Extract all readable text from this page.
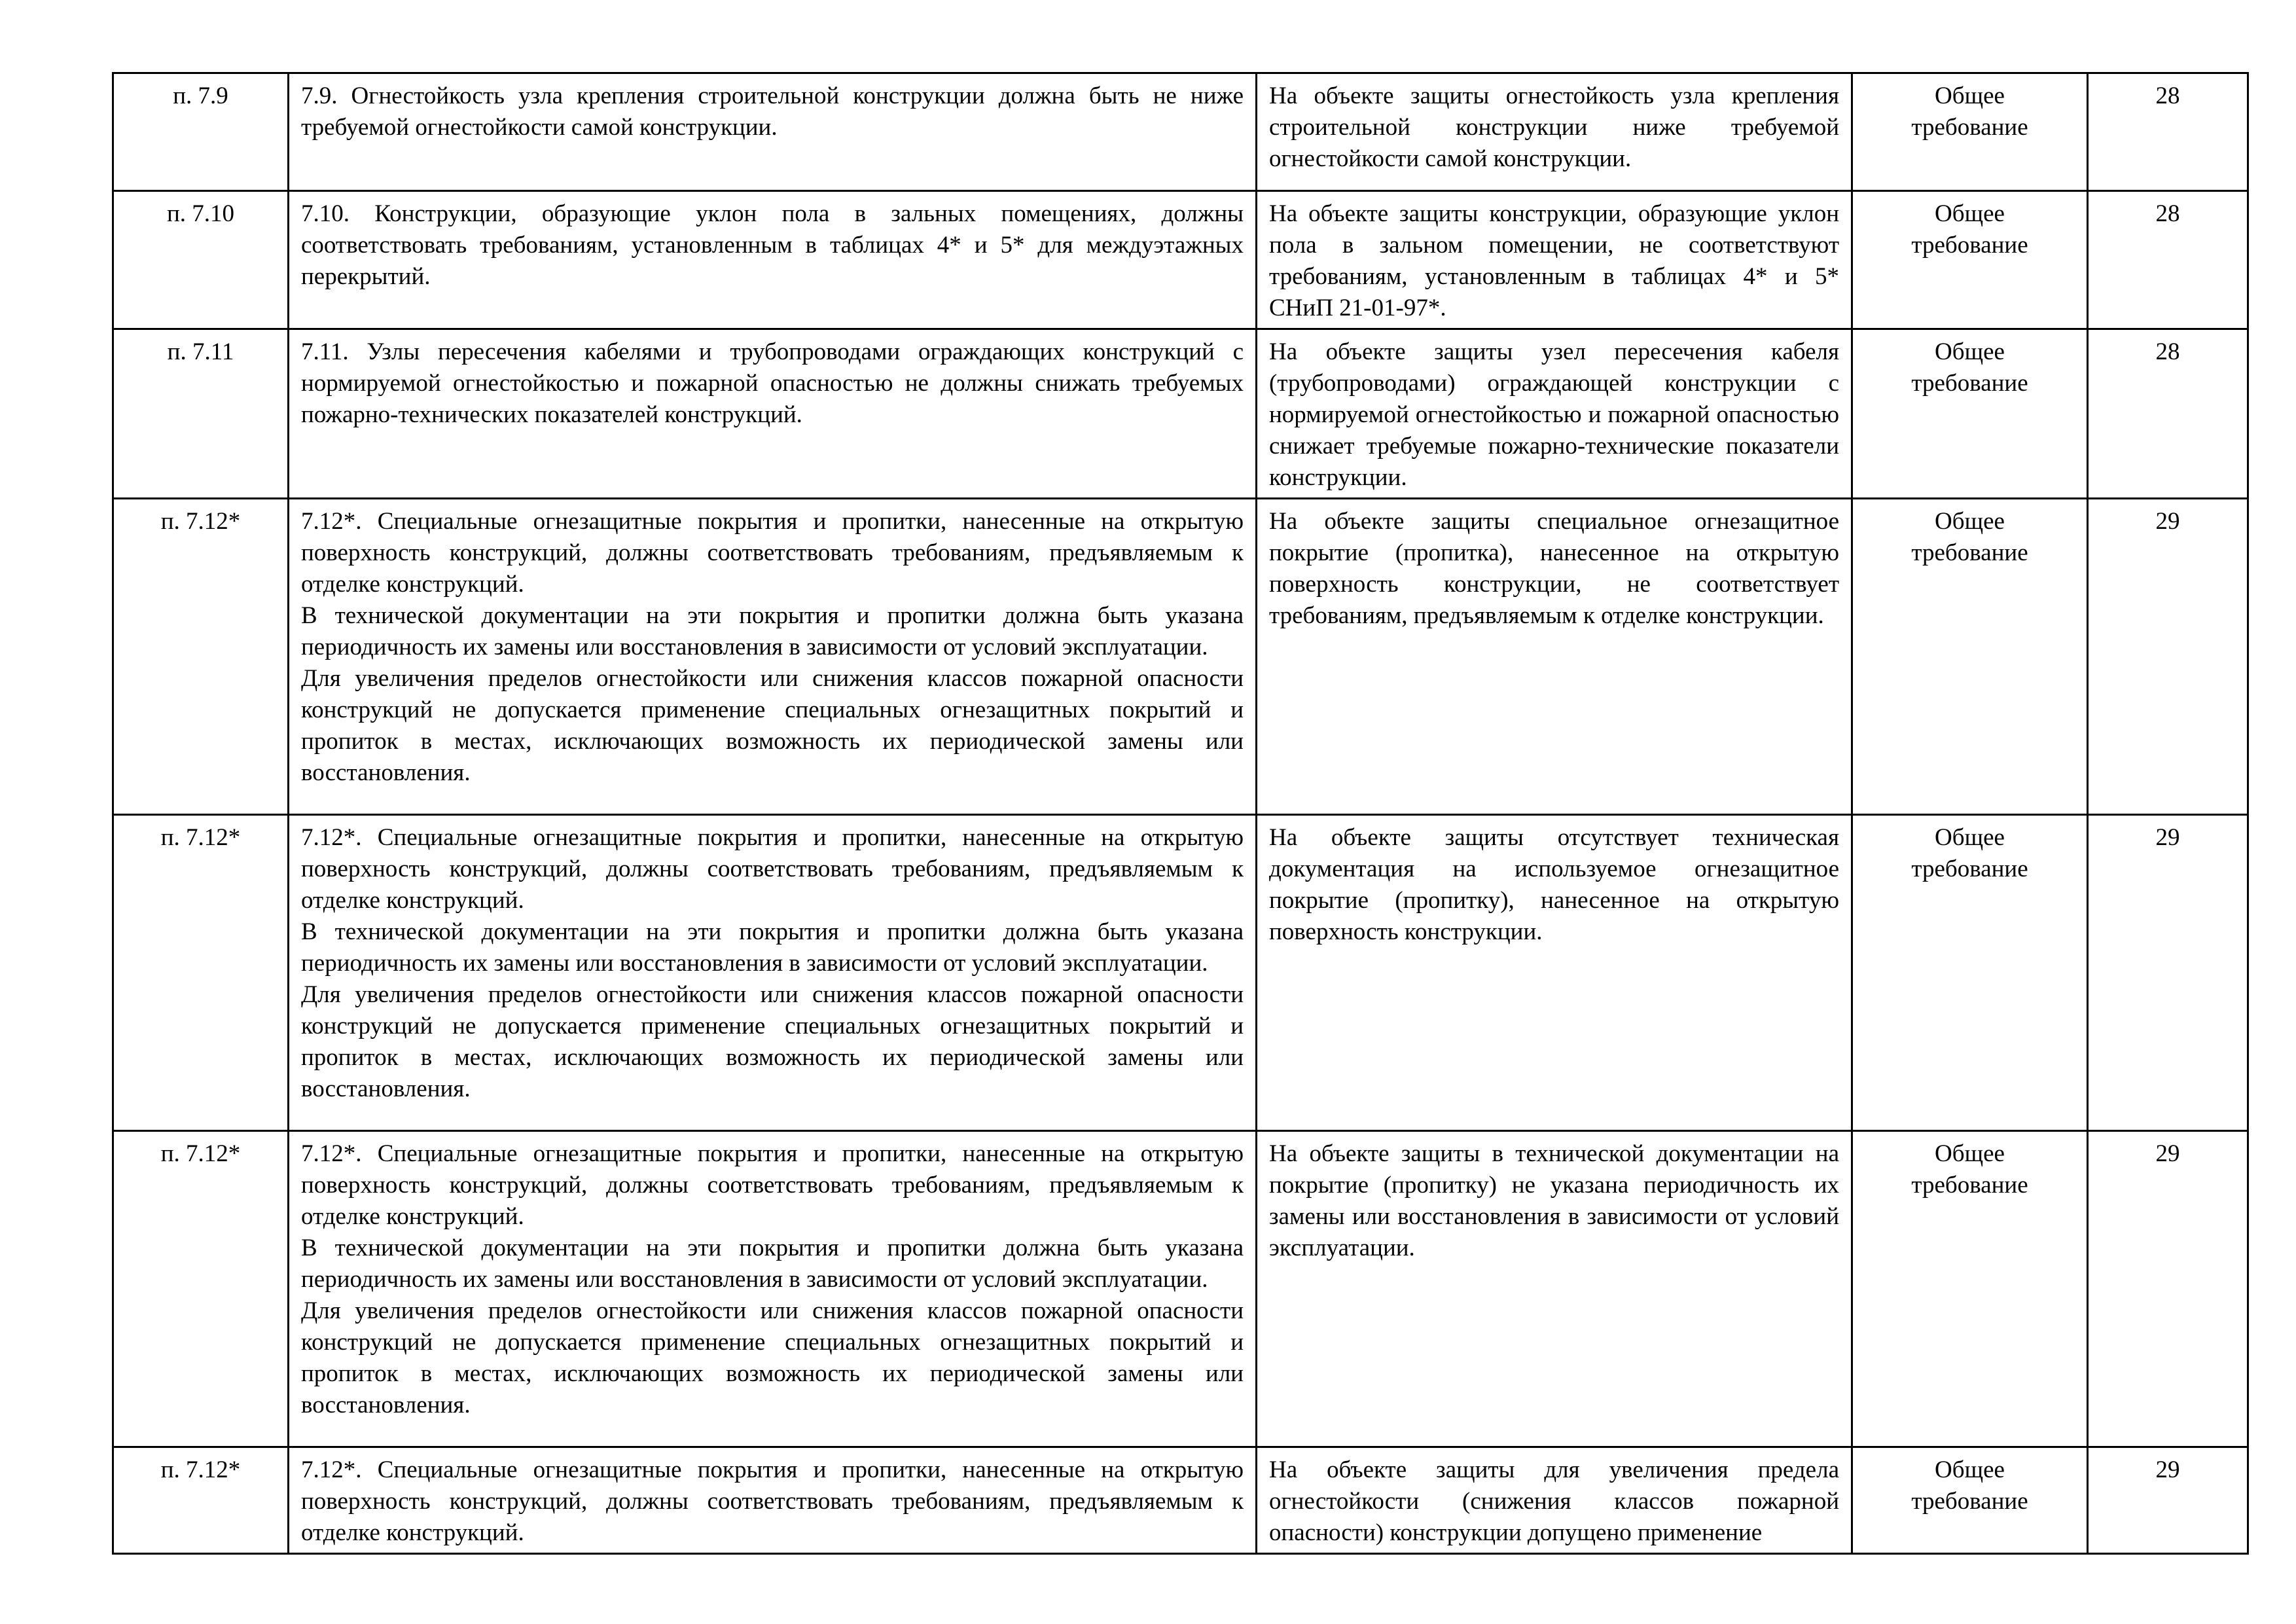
п. 7.9	7.9. Огнестойкость узла крепления строительной конструкции должна быть не ниже требуемой огнестойкости самой конструкции.	На объекте защиты огнестойкость узла крепления строительной конструкции ниже требуемой огнестойкости самой конструкции.	Общее
требование	28
п. 7.10	7.10. Конструкции, образующие уклон пола в зальных помещениях, должны соответствовать требованиям, установленным в таблицах 4* и 5* для междуэтажных перекрытий.	На объекте защиты конструкции, образующие уклон пола в зальном помещении, не соответствуют требованиям, установленным в таблицах 4* и 5* СНиП 21-01-97*.	Общее
требование	28
п. 7.11	7.11. Узлы пересечения кабелями и трубопроводами ограждающих конструкций с нормируемой огнестойкостью и пожарной опасностью не должны снижать требуемых пожарно-технических показателей конструкций.	На объекте защиты узел пересечения кабеля (трубопроводами) ограждающей конструкции с нормируемой огнестойкостью и пожарной опасностью снижает требуемые пожарно-технические показатели конструкции.	Общее
требование	28
п. 7.12*	7.12*. Специальные огнезащитные покрытия и пропитки, нанесенные на открытую поверхность конструкций, должны соответствовать требованиям, предъявляемым к отделке конструкций.
В технической документации на эти покрытия и пропитки должна быть указана периодичность их замены или восстановления в зависимости от условий эксплуатации.
Для увеличения пределов огнестойкости или снижения классов пожарной опасности конструкций не допускается применение специальных огнезащитных покрытий и пропиток в местах, исключающих возможность их периодической замены или восстановления.	На объекте защиты специальное огнезащитное покрытие (пропитка), нанесенное на открытую поверхность конструкции, не соответствует требованиям, предъявляемым к отделке конструкции.	Общее
требование	29
п. 7.12*	7.12*. Специальные огнезащитные покрытия и пропитки, нанесенные на открытую поверхность конструкций, должны соответствовать требованиям, предъявляемым к отделке конструкций.
В технической документации на эти покрытия и пропитки должна быть указана периодичность их замены или восстановления в зависимости от условий эксплуатации.
Для увеличения пределов огнестойкости или снижения классов пожарной опасности конструкций не допускается применение специальных огнезащитных покрытий и пропиток в местах, исключающих возможность их периодической замены или восстановления.	На объекте защиты отсутствует техническая документация на используемое огнезащитное покрытие (пропитку), нанесенное на открытую поверхность конструкции.	Общее
требование	29
п. 7.12*	7.12*. Специальные огнезащитные покрытия и пропитки, нанесенные на открытую поверхность конструкций, должны соответствовать требованиям, предъявляемым к отделке конструкций.
В технической документации на эти покрытия и пропитки должна быть указана периодичность их замены или восстановления в зависимости от условий эксплуатации.
Для увеличения пределов огнестойкости или снижения классов пожарной опасности конструкций не допускается применение специальных огнезащитных покрытий и пропиток в местах, исключающих возможность их периодической замены или восстановления.	На объекте защиты в технической документации на покрытие (пропитку) не указана периодичность их замены или восстановления в зависимости от условий эксплуатации.	Общее
требование	29
п. 7.12*	7.12*. Специальные огнезащитные покрытия и пропитки, нанесенные на открытую поверхность конструкций, должны соответствовать требованиям, предъявляемым к отделке конструкций.	На объекте защиты для увеличения предела огнестойкости (снижения классов пожарной опасности) конструкции допущено применение	Общее
требование	29
